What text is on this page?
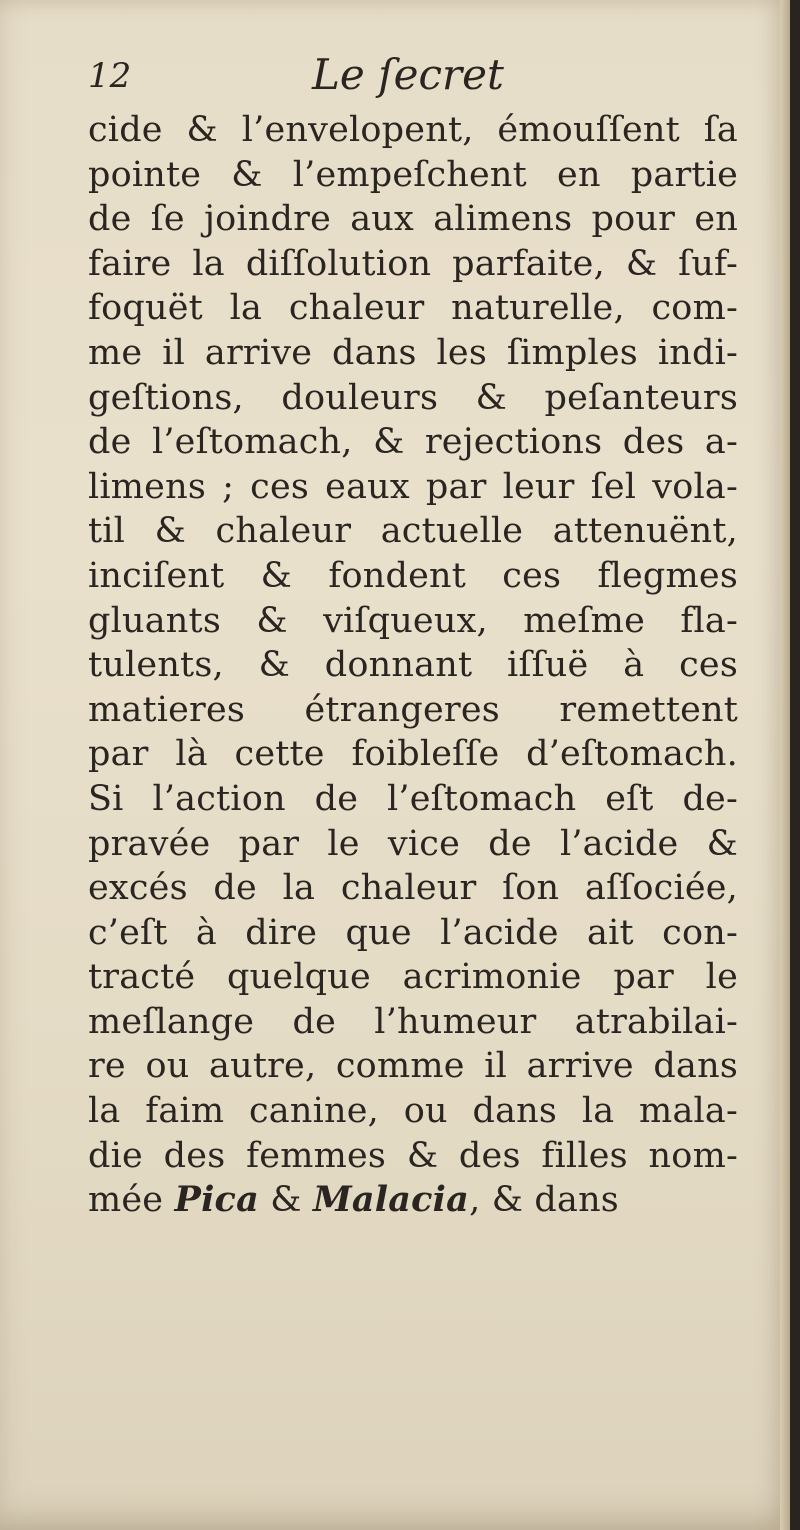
12	Le ſecret
cide & l’envelopent, émouſſent ſa
pointe & l’empeſchent en partie
de ſe joindre aux alimens pour en
faire la diſſolution parfaite, & ſuf-
foquët la chaleur naturelle, com-
me il arrive dans les ſimples indi-
geſtions, douleurs & peſanteurs
de l’eſtomach, & rejections des a-
limens ; ces eaux par leur ſel vola-
til & chaleur actuelle attenuënt,
inciſent & fondent ces flegmes
gluants & viſqueux, meſme fla-
tulents, & donnant iſſuë à ces
matieres étrangeres remettent
par là cette foibleſſe d’eſtomach.
Si l’action de l’eſtomach eſt de-
pravée par le vice de l’acide &
excés de la chaleur ſon aſſociée,
c’eſt à dire que l’acide ait con-
tracté quelque acrimonie par le
meſlange de l’humeur atrabilai-
re ou autre, comme il arrive dans
la faim canine, ou dans la mala-
die des femmes & des filles nom-
mée Pica & Malacia, & dans
